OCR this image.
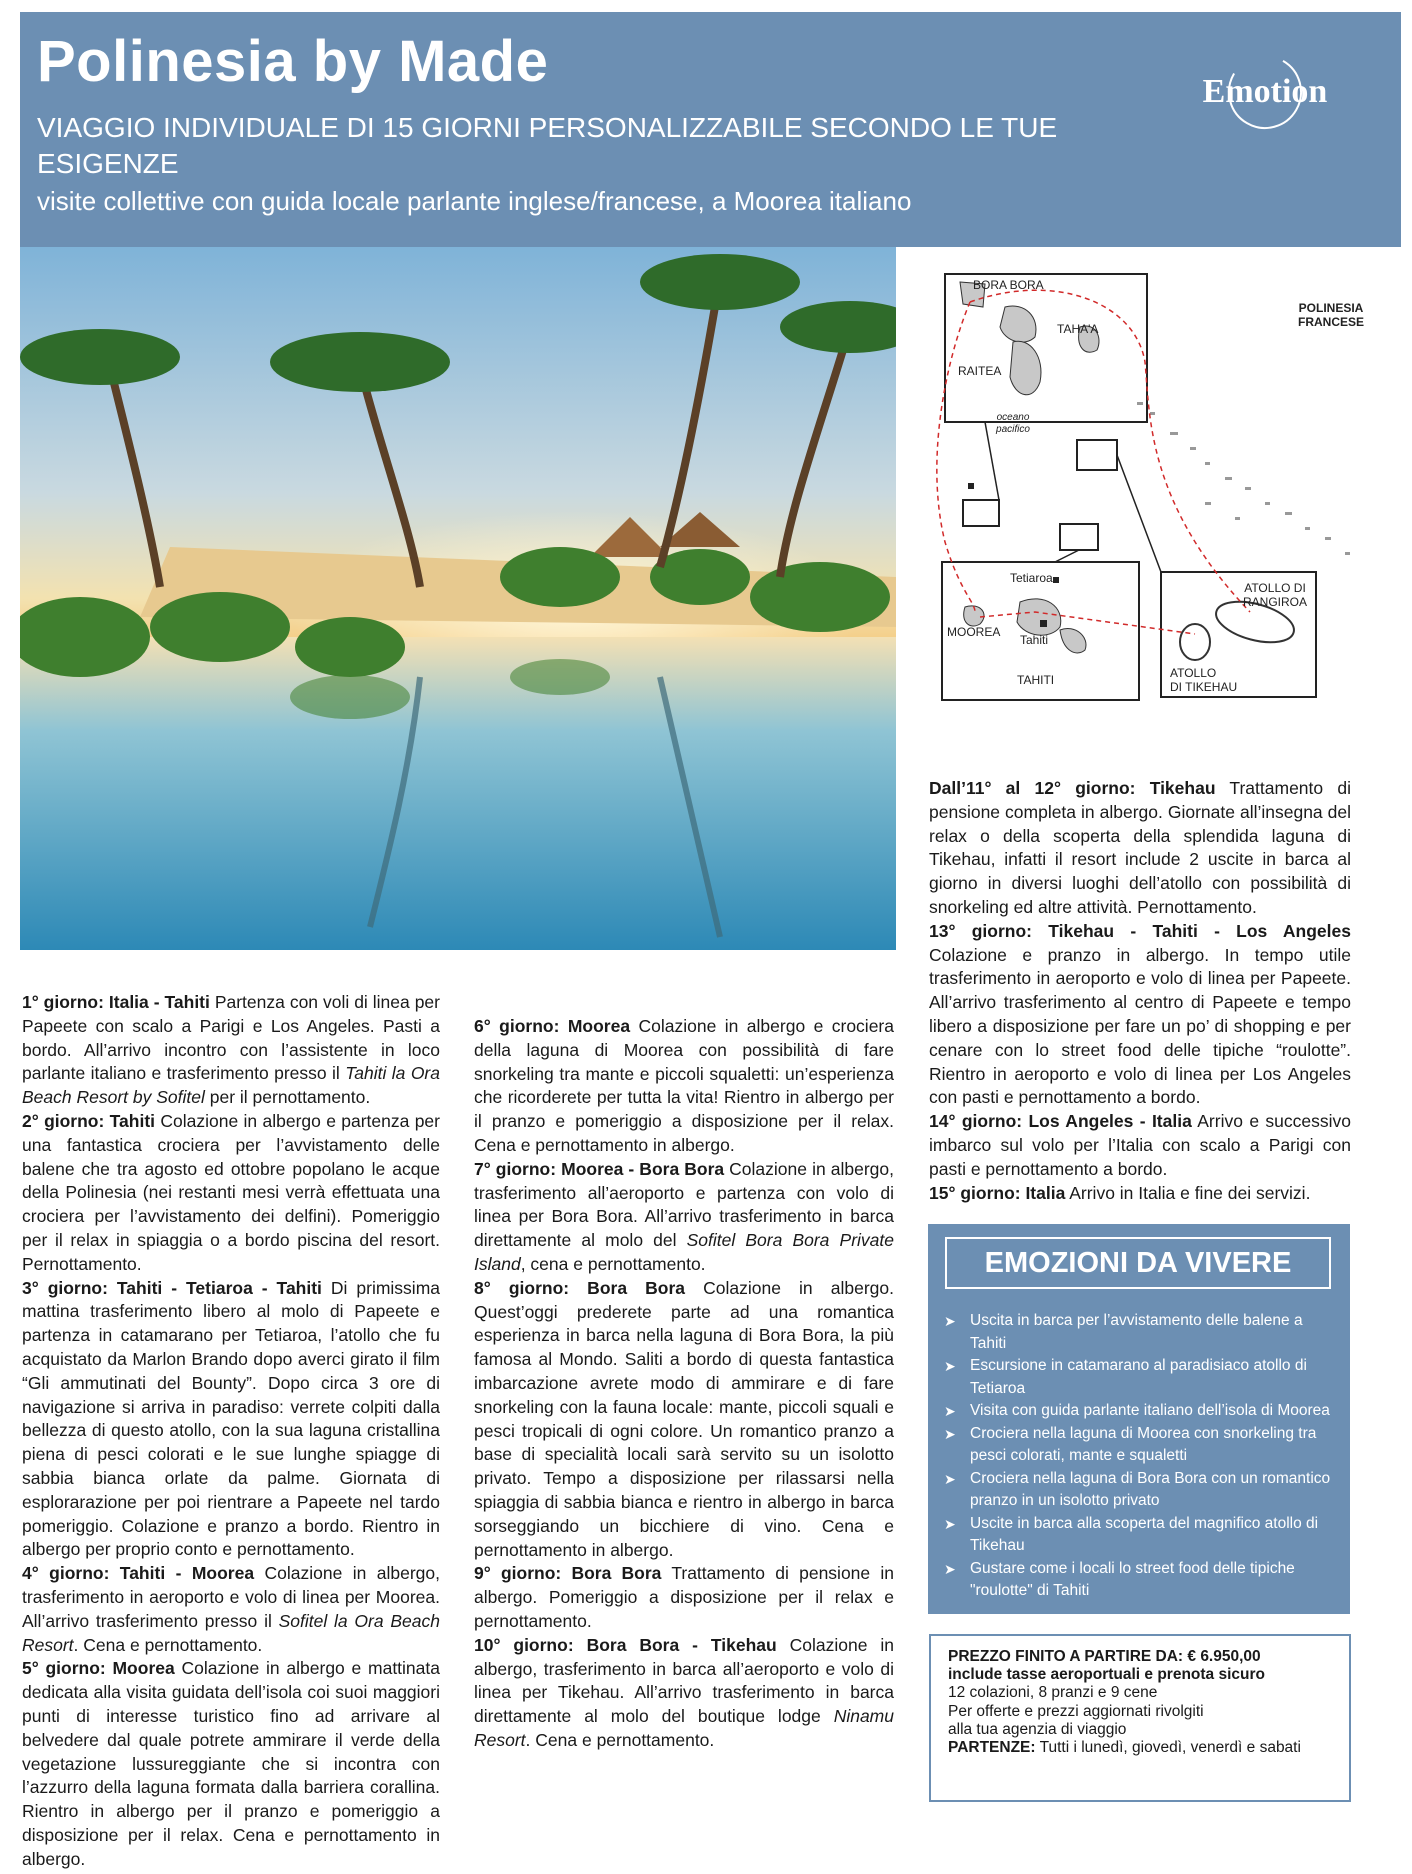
Polinesia by Made
VIAGGIO INDIVIDUALE DI 15 GIORNI PERSONALIZZABILE SECONDO LE TUE ESIGENZE
visite collettive con guida locale parlante inglese/francese, a Moorea italiano
Emotion
POLINESIA
FRANCESE
oceano
pacifico
BORA BORA
TAHA'A
RAITEA
Tetiaroa
MOOREA
Tahiti
TAHITI
ATOLLO DI
RANGIROA
ATOLLO
DI TIKEHAU

1° giorno: Italia - Tahiti Partenza con voli di linea per Papeete con scalo a Parigi e Los Angeles. Pasti a bordo. All’arrivo incontro con l’assistente in loco parlante italiano e trasferimento presso il Tahiti la Ora Beach Resort by Sofitel per il pernottamento.

2° giorno: Tahiti Colazione in albergo e partenza per una fantastica crociera per l’avvistamento delle balene che tra agosto ed ottobre popolano le acque della Polinesia (nei restanti mesi verrà effettuata una crociera per l’avvistamento dei delfini). Pomeriggio per il relax in spiaggia o a bordo piscina del resort. Pernottamento.

3° giorno: Tahiti - Tetiaroa - Tahiti Di primissima mattina trasferimento libero al molo di Papeete e partenza in catamarano per Tetiaroa, l’atollo che fu acquistato da Marlon Brando dopo averci girato il film “Gli ammutinati del Bounty”. Dopo circa 3 ore di navigazione si arriva in paradiso: verrete colpiti dalla bellezza di questo atollo, con la sua laguna cristallina piena di pesci colorati e le sue lunghe spiagge di sabbia bianca orlate da palme. Giornata di esplorarazione per poi rientrare a Papeete nel tardo pomeriggio. Colazione e pranzo a bordo. Rientro in albergo per proprio conto e pernottamento.

4° giorno: Tahiti - Moorea Colazione in albergo, trasferimento in aeroporto e volo di linea per Moorea. All’arrivo trasferimento presso il Sofitel la Ora Beach Resort. Cena e pernottamento.

5° giorno: Moorea Colazione in albergo e mattinata dedicata alla visita guidata dell’isola coi suoi maggiori punti di interesse turistico fino ad arrivare al belvedere dal quale potrete ammirare il verde della vegetazione lussureggiante che si incontra con l’azzurro della laguna formata dalla barriera corallina. Rientro in albergo per il pranzo e pomeriggio a disposizione per il relax. Cena e pernottamento in albergo.

6° giorno: Moorea Colazione in albergo e crociera della laguna di Moorea con possibilità di fare snorkeling tra mante e piccoli squaletti: un’esperienza che ricorderete per tutta la vita! Rientro in albergo per il pranzo e pomeriggio a disposizione per il relax. Cena e pernottamento in albergo.

7° giorno: Moorea - Bora Bora Colazione in albergo, trasferimento all’aeroporto e partenza con volo di linea per Bora Bora. All’arrivo trasferimento in barca direttamente al molo del Sofitel Bora Bora Private Island, cena e pernottamento.

8° giorno: Bora Bora Colazione in albergo. Quest’oggi prederete parte ad una romantica esperienza in barca nella laguna di Bora Bora, la più famosa al Mondo. Saliti a bordo di questa fantastica imbarcazione avrete modo di ammirare e di fare snorkeling con la fauna locale: mante, piccoli squali e pesci tropicali di ogni colore. Un romantico pranzo a base di specialità locali sarà servito su un isolotto privato. Tempo a disposizione per rilassarsi nella spiaggia di sabbia bianca e rientro in albergo in barca sorseggiando un bicchiere di vino. Cena e pernottamento in albergo.

9° giorno: Bora Bora Trattamento di pensione in albergo. Pomeriggio a disposizione per il relax e pernottamento.

10° giorno: Bora Bora - Tikehau Colazione in albergo, trasferimento in barca all’aeroporto e volo di linea per Tikehau. All’arrivo trasferimento in barca direttamente al molo del boutique lodge Ninamu Resort. Cena e pernottamento.

Dall’11° al 12° giorno: Tikehau Trattamento di pensione completa in albergo. Giornate all’insegna del relax o della scoperta della splendida laguna di Tikehau, infatti il resort include 2 uscite in barca al giorno in diversi luoghi dell’atollo con possibilità di snorkeling ed altre attività. Pernottamento.

13° giorno: Tikehau - Tahiti - Los Angeles Colazione e pranzo in albergo. In tempo utile trasferimento in aeroporto e volo di linea per Papeete. All’arrivo trasferimento al centro di Papeete e tempo libero a disposizione per fare un po’ di shopping e per cenare con lo street food delle tipiche “roulotte”. Rientro in aeroporto e volo di linea per Los Angeles con pasti e pernottamento a bordo.

14° giorno: Los Angeles - Italia Arrivo e successivo imbarco sul volo per l’Italia con scalo a Parigi con pasti e pernottamento a bordo.

15° giorno: Italia Arrivo in Italia e fine dei servizi.

EMOZIONI DA VIVERE
➤ Uscita in barca per l’avvistamento delle balene a Tahiti
➤ Escursione in catamarano al paradisiaco atollo di Tetiaroa
➤ Visita con guida parlante italiano dell’isola di Moorea
➤ Crociera nella laguna di Moorea con snorkeling tra pesci colorati, mante e squaletti
➤ Crociera nella laguna di Bora Bora con un romantico pranzo in un isolotto privato
➤ Uscite in barca alla scoperta del magnifico atollo di Tikehau
➤ Gustare come i locali lo street food delle tipiche "roulotte" di Tahiti
PREZZO FINITO A PARTIRE DA: € 6.950,00
include tasse aeroportuali e prenota sicuro
12 colazioni, 8 pranzi e 9 cene
Per offerte e prezzi aggiornati rivolgiti
alla tua agenzia di viaggio
PARTENZE: Tutti i lunedì, giovedì, venerdì e sabati
